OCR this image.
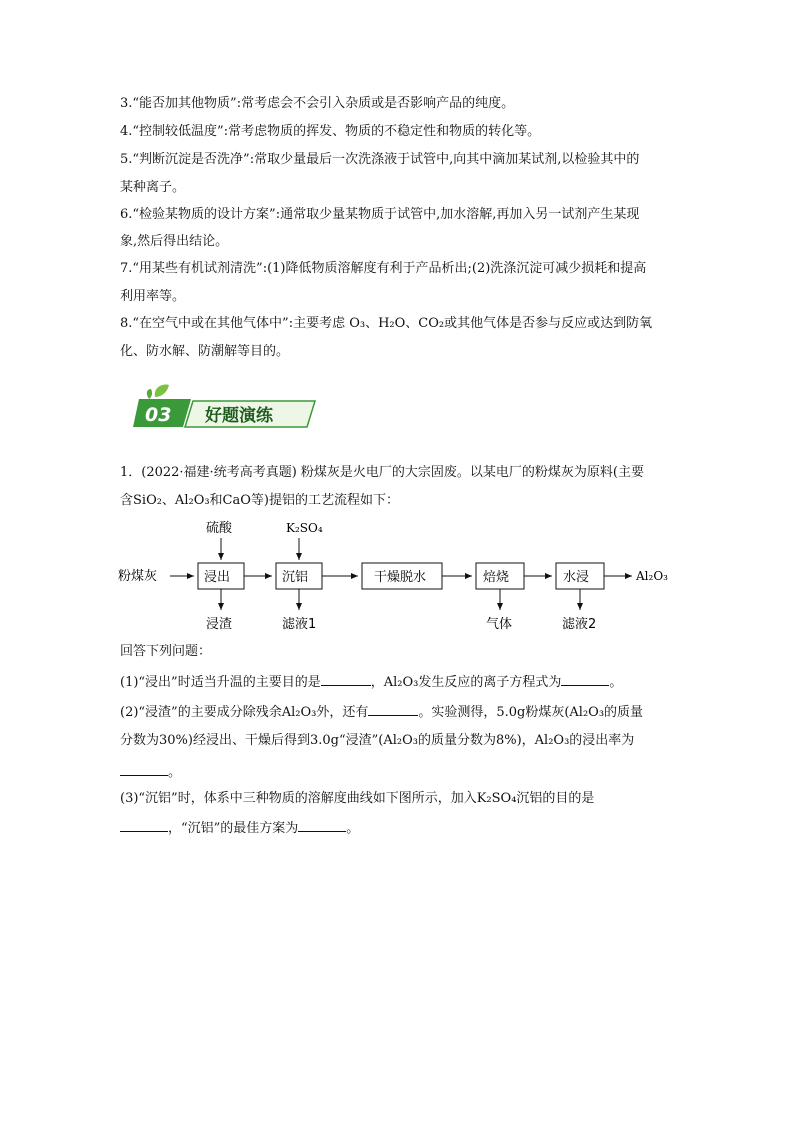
3.“能否加其他物质”:常考虑会不会引入杂质或是否影响产品的纯度。
4.“控制较低温度”:常考虑物质的挥发、物质的不稳定性和物质的转化等。
5.“判断沉淀是否洗净”:常取少量最后一次洗涤液于试管中,向其中滴加某试剂,以检验其中的
某种离子。
6.“检验某物质的设计方案”:通常取少量某物质于试管中,加水溶解,再加入另一试剂产生某现
象,然后得出结论。
7.“用某些有机试剂清洗”:(1)降低物质溶解度有利于产品析出;(2)洗涤沉淀可减少损耗和提高
利用率等。
8.“在空气中或在其他气体中”:主要考虑 O₃、H₂O、CO₂或其他气体是否参与反应或达到防氧
化、防水解、防潮解等目的。
03 好题演练
1．(2022·福建·统考高考真题) 粉煤灰是火电厂的大宗固废。以某电厂的粉煤灰为原料(主要
含SiO₂、Al₂O₃和CaO等)提铝的工艺流程如下：
粉煤灰	浸出	沉铝	干燥脱水	焙烧	水浸	Al₂O₃
硫酸	K₂SO₄
浸渣	滤液1	气体	滤液2
回答下列问题：
(1)“浸出”时适当升温的主要目的是	，Al₂O₃发生反应的离子方程式为	。
(2)“浸渣”的主要成分除残余Al₂O₃外，还有	。实验测得，5.0g粉煤灰(Al₂O₃的质量
分数为30%)经浸出、干燥后得到3.0g“浸渣”(Al₂O₃的质量分数为8%)，Al₂O₃的浸出率为
。
(3)“沉铝”时，体系中三种物质的溶解度曲线如下图所示，加入K₂SO₄沉铝的目的是
，“沉铝”的最佳方案为	。
